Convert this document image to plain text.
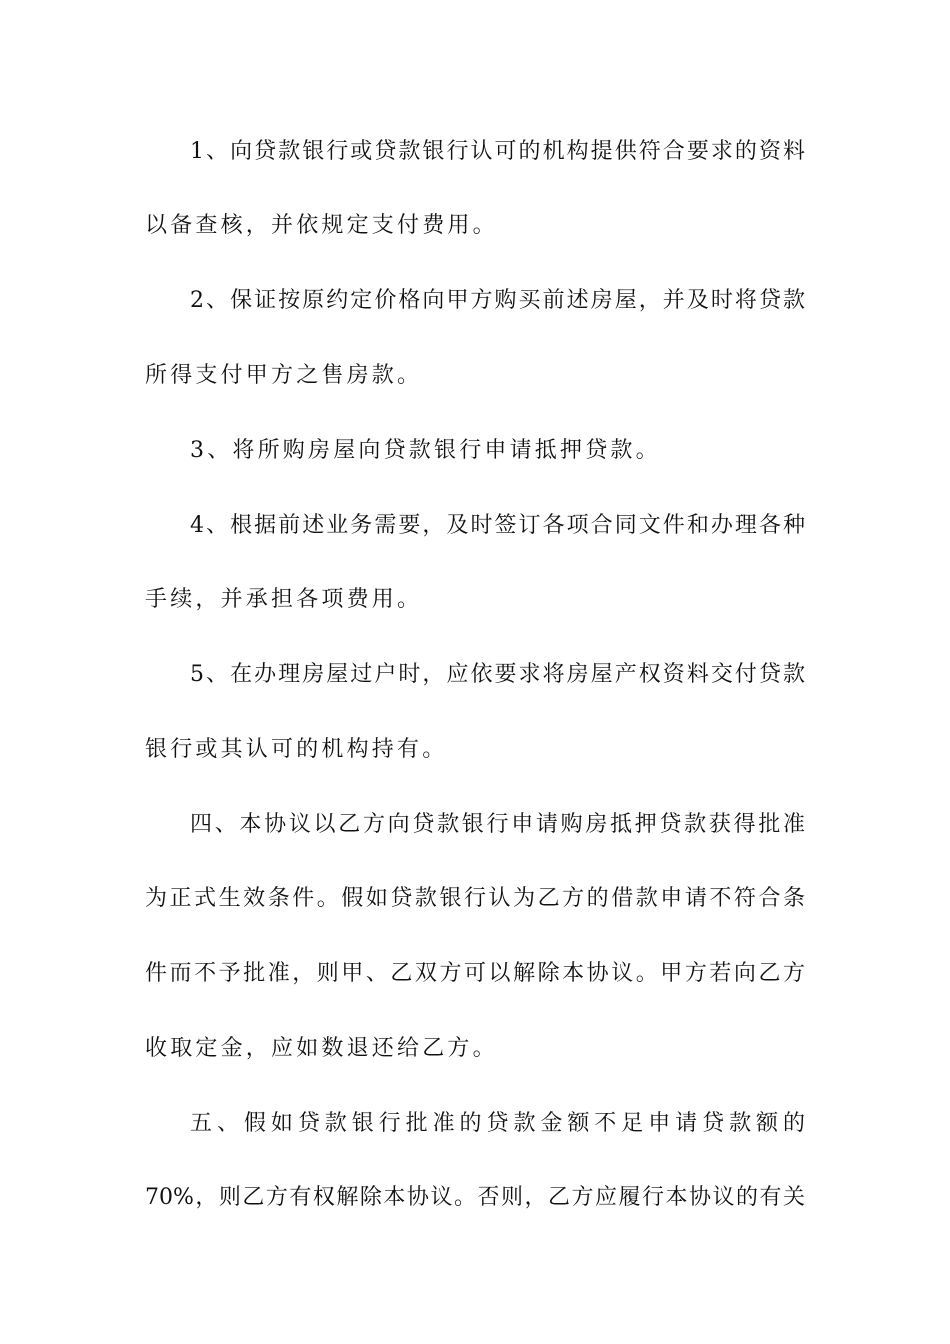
1、向贷款银行或贷款银行认可的机构提供符合要求的资料
以备查核，并依规定支付费用。
2、保证按原约定价格向甲方购买前述房屋，并及时将贷款
所得支付甲方之售房款。
3、将所购房屋向贷款银行申请抵押贷款。
4、根据前述业务需要，及时签订各项合同文件和办理各种
手续，并承担各项费用。
5、在办理房屋过户时，应依要求将房屋产权资料交付贷款
银行或其认可的机构持有。
四、本协议以乙方向贷款银行申请购房抵押贷款获得批准
为正式生效条件。假如贷款银行认为乙方的借款申请不符合条
件而不予批准，则甲、乙双方可以解除本协议。甲方若向乙方
收取定金，应如数退还给乙方。
五、假如贷款银行批准的贷款金额不足申请贷款额的
70%，则乙方有权解除本协议。否则，乙方应履行本协议的有关
